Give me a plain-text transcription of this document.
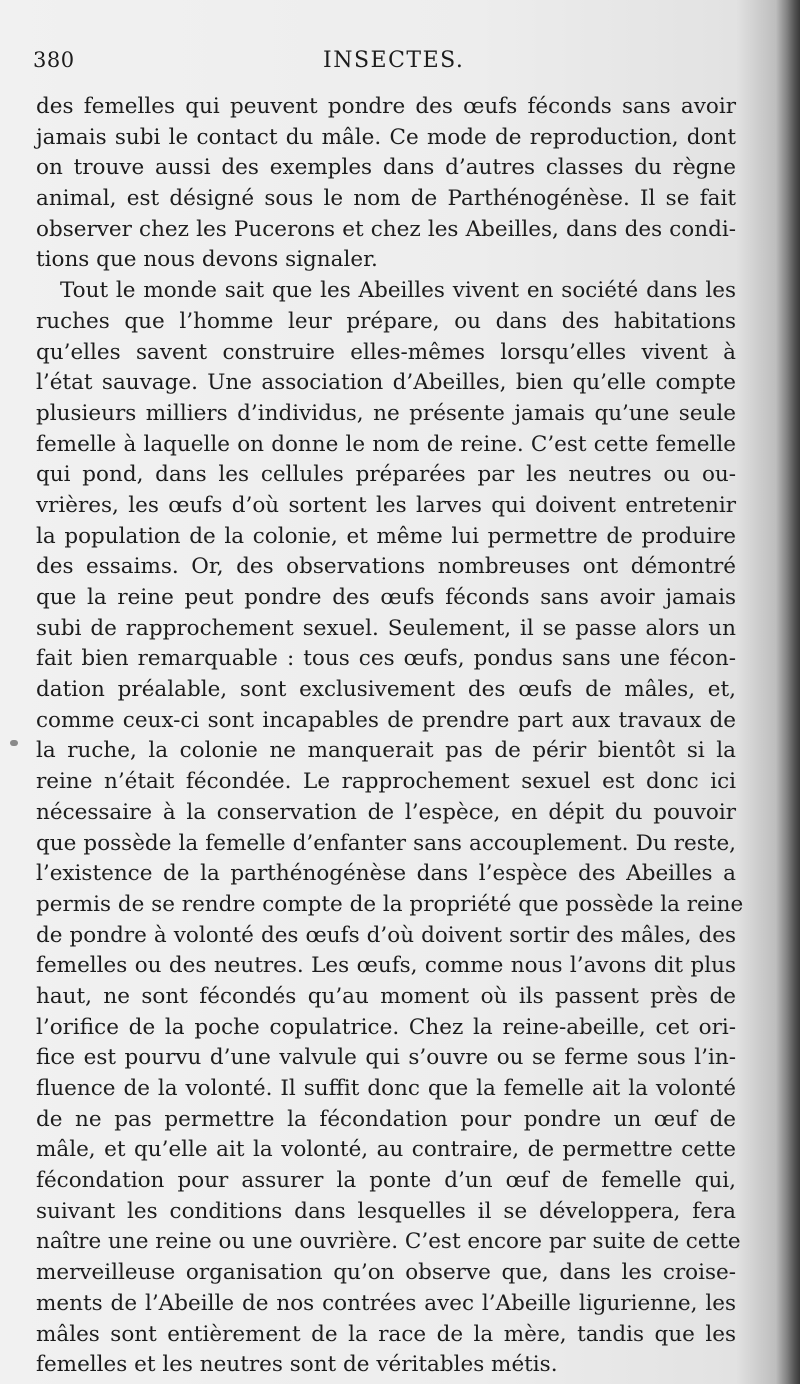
380	INSECTES.
des femelles qui peuvent pondre des œufs féconds sans avoir
jamais subi le contact du mâle. Ce mode de reproduction, dont
on trouve aussi des exemples dans d’autres classes du règne
animal, est désigné sous le nom de Parthénogénèse. Il se fait
observer chez les Pucerons et chez les Abeilles, dans des condi-
tions que nous devons signaler.
Tout le monde sait que les Abeilles vivent en société dans les
ruches que l’homme leur prépare, ou dans des habitations
qu’elles savent construire elles-mêmes lorsqu’elles vivent à
l’état sauvage. Une association d’Abeilles, bien qu’elle compte
plusieurs milliers d’individus, ne présente jamais qu’une seule
femelle à laquelle on donne le nom de reine. C’est cette femelle
qui pond, dans les cellules préparées par les neutres ou ou-
vrières, les œufs d’où sortent les larves qui doivent entretenir
la population de la colonie, et même lui permettre de produire
des essaims. Or, des observations nombreuses ont démontré
que la reine peut pondre des œufs féconds sans avoir jamais
subi de rapprochement sexuel. Seulement, il se passe alors un
fait bien remarquable : tous ces œufs, pondus sans une fécon-
dation préalable, sont exclusivement des œufs de mâles, et,
comme ceux-ci sont incapables de prendre part aux travaux de
la ruche, la colonie ne manquerait pas de périr bientôt si la
reine n’était fécondée. Le rapprochement sexuel est donc ici
nécessaire à la conservation de l’espèce, en dépit du pouvoir
que possède la femelle d’enfanter sans accouplement. Du reste,
l’existence de la parthénogénèse dans l’espèce des Abeilles a
permis de se rendre compte de la propriété que possède la reine
de pondre à volonté des œufs d’où doivent sortir des mâles, des
femelles ou des neutres. Les œufs, comme nous l’avons dit plus
haut, ne sont fécondés qu’au moment où ils passent près de
l’orifice de la poche copulatrice. Chez la reine-abeille, cet ori-
fice est pourvu d’une valvule qui s’ouvre ou se ferme sous l’in-
fluence de la volonté. Il suffit donc que la femelle ait la volonté
de ne pas permettre la fécondation pour pondre un œuf de
mâle, et qu’elle ait la volonté, au contraire, de permettre cette
fécondation pour assurer la ponte d’un œuf de femelle qui,
suivant les conditions dans lesquelles il se développera, fera
naître une reine ou une ouvrière. C’est encore par suite de cette
merveilleuse organisation qu’on observe que, dans les croise-
ments de l’Abeille de nos contrées avec l’Abeille ligurienne, les
mâles sont entièrement de la race de la mère, tandis que les
femelles et les neutres sont de véritables métis.
